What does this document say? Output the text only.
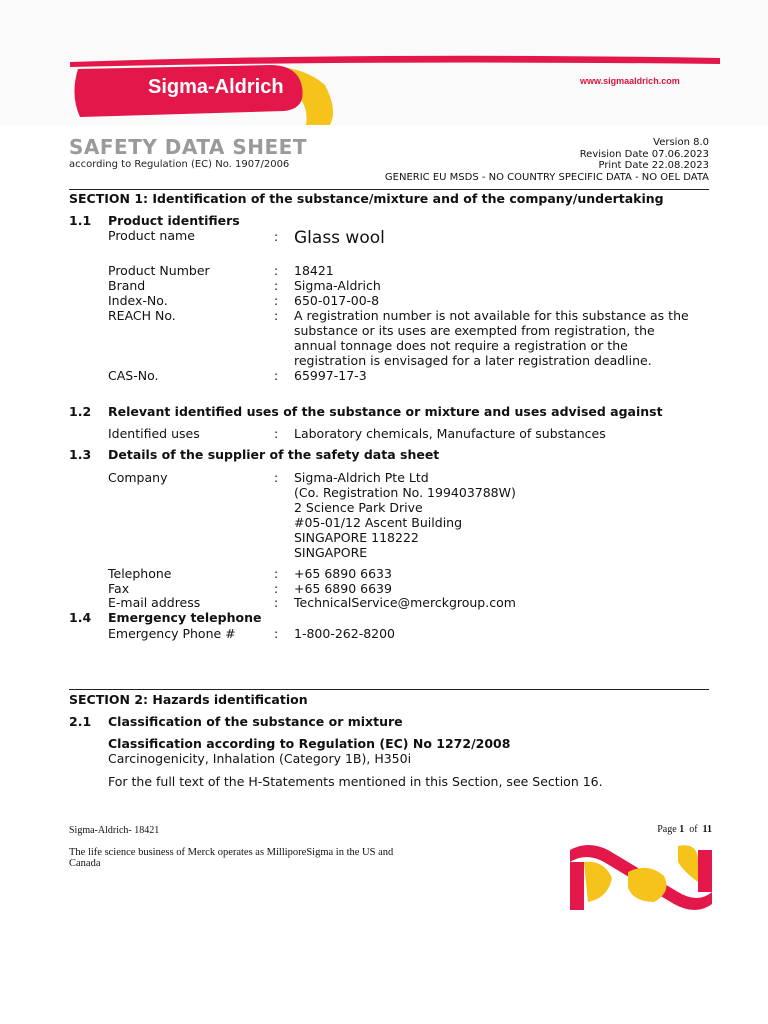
Sigma-Aldrich	www.sigmaaldrich.com
SAFETY DATA SHEET
according to Regulation (EC) No. 1907/2006
Version 8.0
Revision Date 07.06.2023
Print Date 22.08.2023
GENERIC EU MSDS - NO COUNTRY SPECIFIC DATA - NO OEL DATA
SECTION 1: Identification of the substance/mixture and of the company/undertaking
1.1 Product identifiers
Product name	: Glass wool
Product Number	: 18421
Brand	: Sigma-Aldrich
Index-No.	: 650-017-00-8
REACH No.	: A registration number is not available for this substance as the
substance or its uses are exempted from registration, the
annual tonnage does not require a registration or the
registration is envisaged for a later registration deadline.
CAS-No.	: 65997-17-3
1.2 Relevant identified uses of the substance or mixture and uses advised against
Identified uses	: Laboratory chemicals, Manufacture of substances
1.3 Details of the supplier of the safety data sheet
Company	: Sigma-Aldrich Pte Ltd
(Co. Registration No. 199403788W)
2 Science Park Drive
#05-01/12 Ascent Building
SINGAPORE 118222
SINGAPORE
Telephone	: +65 6890 6633
Fax	: +65 6890 6639
E-mail address	: TechnicalService@merckgroup.com
1.4 Emergency telephone
Emergency Phone #	: 1-800-262-8200
SECTION 2: Hazards identification
2.1 Classification of the substance or mixture
Classification according to Regulation (EC) No 1272/2008
Carcinogenicity, Inhalation (Category 1B), H350i
For the full text of the H-Statements mentioned in this Section, see Section 16.
Sigma-Aldrich- 18421	Page 1 of 11
The life science business of Merck operates as MilliporeSigma in the US and
Canada
